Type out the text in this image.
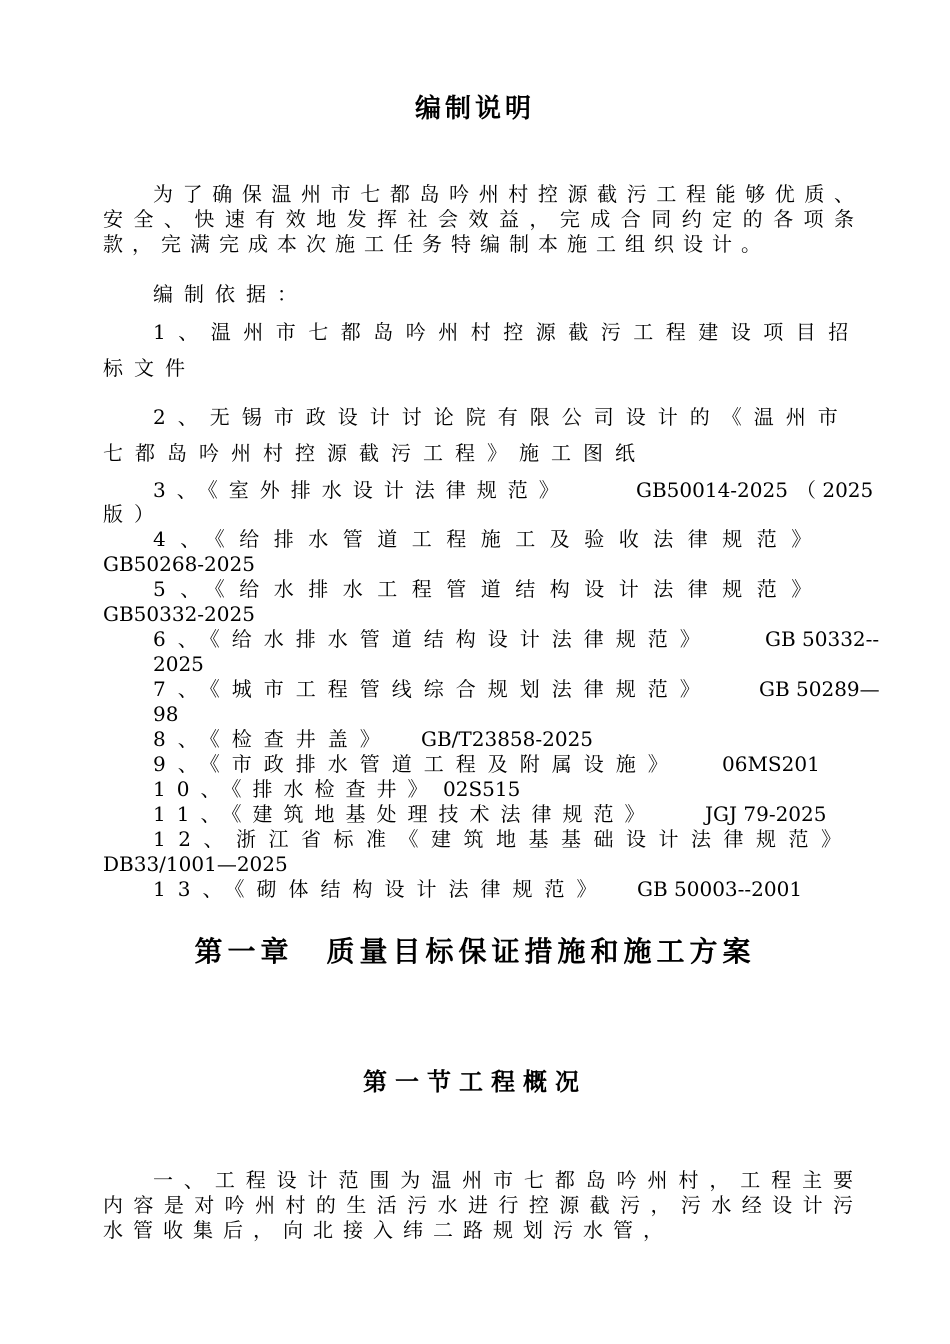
编制说明
为了确保温州市七都岛吟州村控源截污工程能够优质、安全、快速有效地发挥社会效益，完成合同约定的各项条款，完满完成本次施工任务特编制本施工组织设计。
编制依据：
1、温州市七都岛吟州村控源截污工程建设项目招
标文件
2、无锡市政设计讨论院有限公司设计的《温州市
七都岛吟州村控源截污工程》施工图纸
3、《室外排水设计法律规范》	GB50014-2025 （ 2025
版）
4、《给排水管道工程施工及验收法律规范》
GB50268-2025
5、《给水排水工程管道结构设计法律规范》
GB50332-2025
6、《给水排水管道结构设计法律规范》	GB 50332--
2025
7、《城市工程管线综合规划法律规范》 GB 50289—
98
8、《检查井盖》 GB/T23858-2025
9、《市政排水管道工程及附属设施》 06MS201
10、《排水检查井》 02S515
11、《建筑地基处理技术法律规范》 JGJ 79-2025
12、浙江省标准《建筑地基基础设计法律规范》
DB33/1001—2025
13、《砌体结构设计法律规范》 GB 50003--2001
第一章　质量目标保证措施和施工方案
第一节工程概况
一、工程设计范围为温州市七都岛吟州村，工程主要内容是对吟州村的生活污水进行控源截污，污水经设计污水管收集后，向北接入纬二路规划污水管，
